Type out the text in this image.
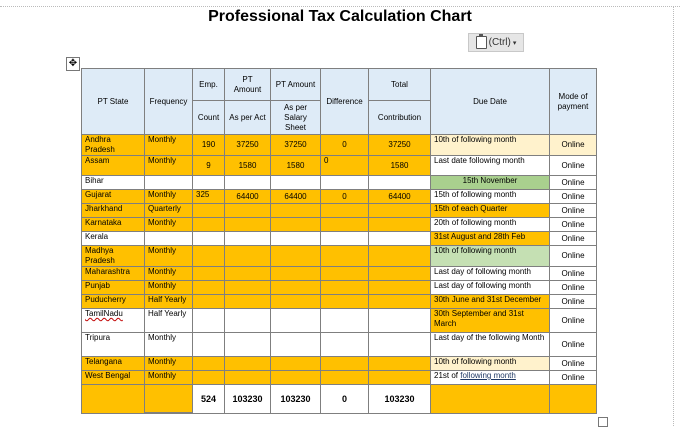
Professional Tax Calculation Chart
(Ctrl) ▾
✥
PT State	Frequency	Emp.	PT Amount	PT Amount	Difference	Total	Due Date	Mode of payment
		Count	As per Act	As per Salary Sheet		Contribution		
Andhra Pradesh	Monthly	190	37250	37250	0	37250	10th of following month	Online
Assam	Monthly	9	1580	1580	0	1580	Last date following month	Online
Bihar							15th November	Online
Gujarat	Monthly	325	64400	64400	0	64400	15th of following month	Online
Jharkhand	Quarterly						15th of each Quarter	Online
Karnataka	Monthly						20th of following month	Online
Kerala							31st August and 28th Feb	Online
Madhya Pradesh	Monthly						10th of following month	Online
Maharashtra	Monthly						Last day of following month	Online
Punjab	Monthly						Last day of following month	Online
Puducherry	Half Yearly						30th June and 31st December	Online
TamilNadu	Half Yearly						30th September and 31st March	Online
Tripura	Monthly						Last day of the following Month	Online
Telangana	Monthly						10th of following month	Online
West Bengal	Monthly						21st of following month	Online
		524	103230	103230	0	103230		
